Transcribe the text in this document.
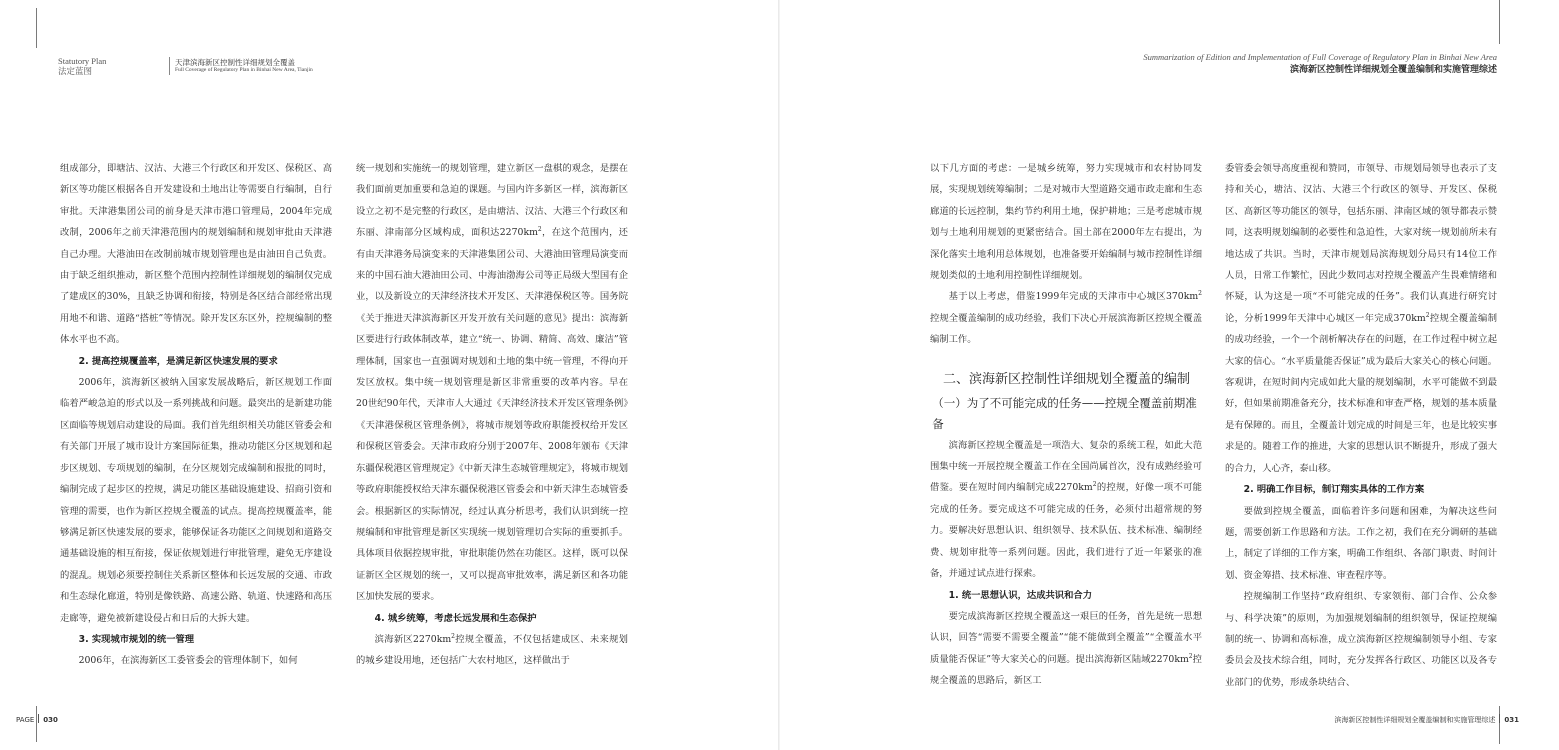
Statutory Plan
法定蓝图
天津滨海新区控制性详细规划全覆盖
Full Coverage of Regulatory Plan in Binhai New Area, Tianjin

组成部分，即塘沽、汉沽、大港三个行政区和开发区、保税区、高新区等功能区根据各自开发建设和土地出让等需要自行编制，自行审批。天津港集团公司的前身是天津市港口管理局，2004年完成改制，2006年之前天津港范围内的规划编制和规划审批由天津港自己办理。大港油田在改制前城市规划管理也是由油田自己负责。由于缺乏组织推动，新区整个范围内控制性详细规划的编制仅完成了建成区的30%，且缺乏协调和衔接，特别是各区结合部经常出现用地不和谐、道路“搭桩”等情况。除开发区东区外，控规编制的整体水平也不高。

2. 提高控规覆盖率，是满足新区快速发展的要求

2006年，滨海新区被纳入国家发展战略后，新区规划工作面临着严峻急迫的形式以及一系列挑战和问题。最突出的是新建功能区面临等规划启动建设的局面。我们首先组织相关功能区管委会和有关部门开展了城市设计方案国际征集，推动功能区分区规划和起步区规划、专项规划的编制，在分区规划完成编制和报批的同时，编制完成了起步区的控规，满足功能区基础设施建设、招商引资和管理的需要，也作为新区控规全覆盖的试点。提高控规覆盖率，能够满足新区快速发展的要求，能够保证各功能区之间规划和道路交通基础设施的相互衔接，保证依规划进行审批管理，避免无序建设的混乱。规划必须要控制住关系新区整体和长远发展的交通、市政和生态绿化廊道，特别是像铁路、高速公路、轨道、快速路和高压走廊等，避免被新建设侵占和日后的大拆大建。

3. 实现城市规划的统一管理

2006年，在滨海新区工委管委会的管理体制下，如何

统一规划和实施统一的规划管理，建立新区一盘棋的观念，是摆在我们面前更加重要和急迫的课题。与国内许多新区一样，滨海新区设立之初不是完整的行政区，是由塘沽、汉沽、大港三个行政区和东丽、津南部分区域构成，面积达$2270km^2$，在这个范围内，还有由天津港务局演变来的天津港集团公司、大港油田管理局演变而来的中国石油大港油田公司、中海油渤海公司等正局级大型国有企业，以及新设立的天津经济技术开发区、天津港保税区等。国务院《关于推进天津滨海新区开发开放有关问题的意见》提出：滨海新区要进行行政体制改革，建立“统一、协调、精简、高效、廉洁”管理体制，国家也一直强调对规划和土地的集中统一管理，不得向开发区放权。集中统一规划管理是新区非常重要的改革内容。早在20世纪90年代，天津市人大通过《天津经济技术开发区管理条例》《天津港保税区管理条例》，将城市规划等政府职能授权给开发区和保税区管委会。天津市政府分别于2007年、2008年颁布《天津东疆保税港区管理规定》《中新天津生态城管理规定》，将城市规划等政府职能授权给天津东疆保税港区管委会和中新天津生态城管委会。根据新区的实际情况，经过认真分析思考，我们认识到统一控规编制和审批管理是新区实现统一规划管理切合实际的重要抓手。具体项目依据控规审批，审批职能仍然在功能区。这样，既可以保证新区全区规划的统一，又可以提高审批效率，满足新区和各功能区加快发展的要求。

4. 城乡统筹，考虑长远发展和生态保护

滨海新区$2270km^2$控规全覆盖，不仅包括建成区、未来规划的城乡建设用地，还包括广大农村地区，这样做出于

PAGE 030
Summarization of Edition and Implementation of Full Coverage of Regulatory Plan in Binhai New Area
滨海新区控制性详细规划全覆盖编制和实施管理综述

以下几方面的考虑：一是城乡统筹，努力实现城市和农村协同发展，实现规划统筹编制；二是对城市大型道路交通市政走廊和生态廊道的长远控制，集约节约利用土地，保护耕地；三是考虑城市规划与土地利用规划的更紧密结合。国土部在2000年左右提出，为深化落实土地利用总体规划，也准备要开始编制与城市控制性详细规划类似的土地利用控制性详细规划。

基于以上考虑，借鉴1999年完成的天津市中心城区$370km^2$控规全覆盖编制的成功经验，我们下决心开展滨海新区控规全覆盖编制工作。

二、滨海新区控制性详细规划全覆盖的编制
（一）为了不可能完成的任务——控规全覆盖前期准备

滨海新区控规全覆盖是一项浩大、复杂的系统工程，如此大范围集中统一开展控规全覆盖工作在全国尚属首次，没有成熟经验可借鉴。要在短时间内编制完成$2270km^2$的控规，好像一项不可能完成的任务。要完成这不可能完成的任务，必须付出超常规的努力。要解决好思想认识、组织领导、技术队伍、技术标准、编制经费、规划审批等一系列问题。因此，我们进行了近一年紧张的准备，并通过试点进行探索。

1. 统一思想认识，达成共识和合力

要完成滨海新区控规全覆盖这一艰巨的任务，首先是统一思想认识，回答“需要不需要全覆盖”“能不能做到全覆盖”“全覆盖水平质量能否保证”等大家关心的问题。提出滨海新区陆域$2270km^2$控规全覆盖的思路后，新区工

委管委会领导高度重视和赞同，市领导、市规划局领导也表示了支持和关心，塘沽、汉沽、大港三个行政区的领导、开发区、保税区、高新区等功能区的领导，包括东丽、津南区域的领导都表示赞同，这表明规划编制的必要性和急迫性，大家对统一规划前所未有地达成了共识。当时，天津市规划局滨海规划分局只有14位工作人员，日常工作繁忙，因此少数同志对控规全覆盖产生畏难情绪和怀疑，认为这是一项“不可能完成的任务”。我们认真进行研究讨论，分析1999年天津中心城区一年完成$370km^2$控规全覆盖编制的成功经验，一个一个剖析解决存在的问题，在工作过程中树立起大家的信心。“水平质量能否保证”成为最后大家关心的核心问题。客观讲，在短时间内完成如此大量的规划编制，水平可能做不到最好，但如果前期准备充分，技术标准和审查严格，规划的基本质量是有保障的。而且，全覆盖计划完成的时间是三年，也是比较实事求是的。随着工作的推进，大家的思想认识不断提升，形成了强大的合力，人心齐，泰山移。

2. 明确工作目标，制订翔实具体的工作方案

要做到控规全覆盖，面临着许多问题和困难，为解决这些问题，需要创新工作思路和方法。工作之初，我们在充分调研的基础上，制定了详细的工作方案，明确工作组织、各部门职责、时间计划、资金筹措、技术标准、审查程序等。

控规编制工作坚持“政府组织、专家领衔、部门合作、公众参与、科学决策”的原则，为加强规划编制的组织领导，保证控规编制的统一、协调和高标准，成立滨海新区控规编制领导小组、专家委员会及技术综合组，同时，充分发挥各行政区、功能区以及各专业部门的优势，形成条块结合、

滨海新区控制性详细规划全覆盖编制和实施管理综述 031
